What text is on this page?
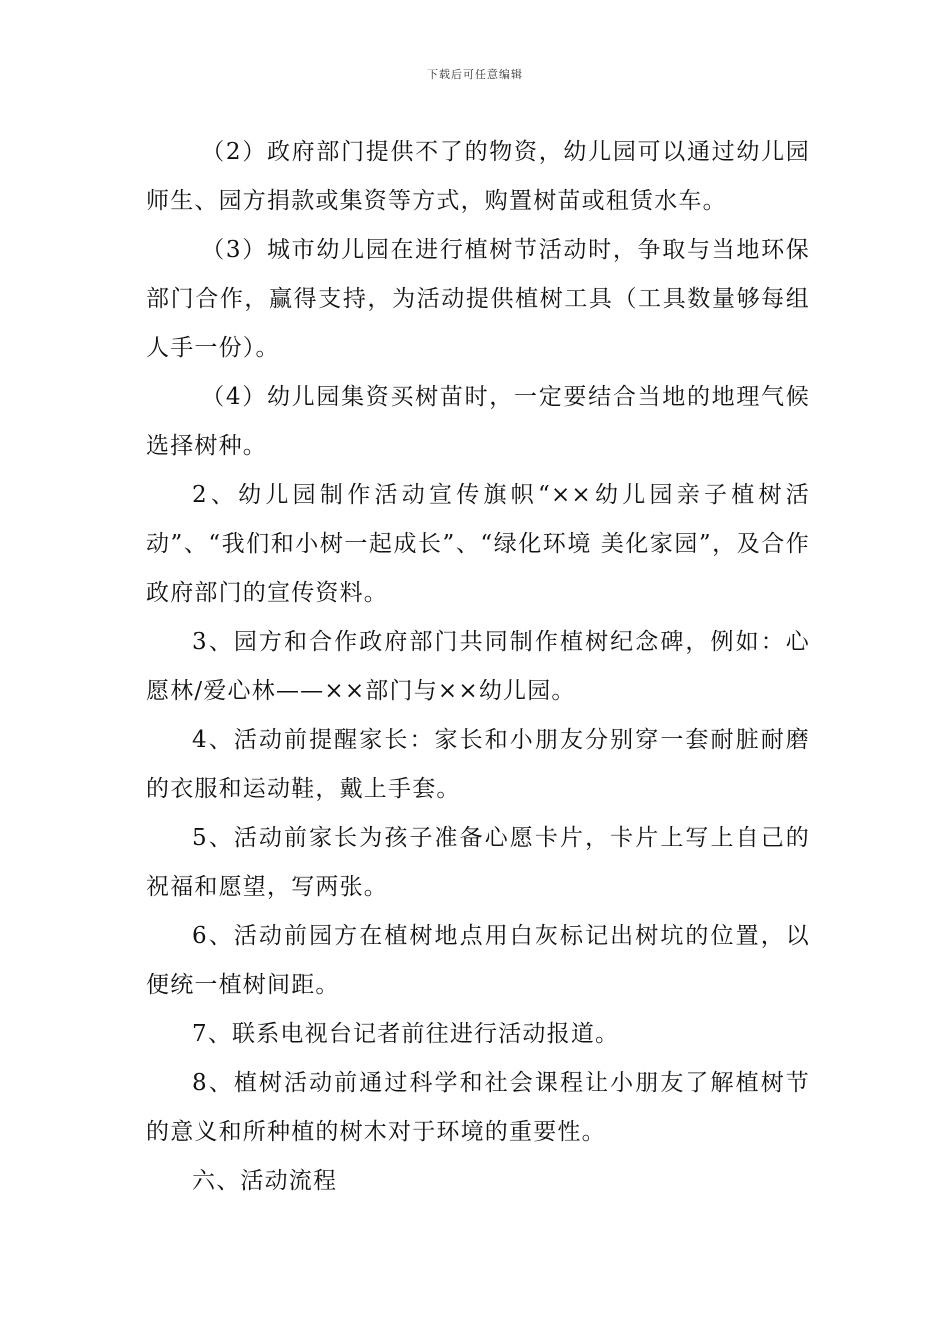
下载后可任意编辑

（2）政府部门提供不了的物资，幼儿园可以通过幼儿园师生、园方捐款或集资等方式，购置树苗或租赁水车。

（3）城市幼儿园在进行植树节活动时，争取与当地环保部门合作，赢得支持，为活动提供植树工具（工具数量够每组人手一份）。

（4）幼儿园集资买树苗时，一定要结合当地的地理气候选择树种。

2、幼儿园制作活动宣传旗帜“××幼儿园亲子植树活动”、“我们和小树一起成长”、“绿化环境 美化家园”，及合作政府部门的宣传资料。

3、园方和合作政府部门共同制作植树纪念碑，例如：心愿林/爱心林——××部门与××幼儿园。

4、活动前提醒家长：家长和小朋友分别穿一套耐脏耐磨的衣服和运动鞋，戴上手套。

5、活动前家长为孩子准备心愿卡片，卡片上写上自己的祝福和愿望，写两张。

6、活动前园方在植树地点用白灰标记出树坑的位置，以便统一植树间距。

7、联系电视台记者前往进行活动报道。

8、植树活动前通过科学和社会课程让小朋友了解植树节的意义和所种植的树木对于环境的重要性。

六、活动流程
